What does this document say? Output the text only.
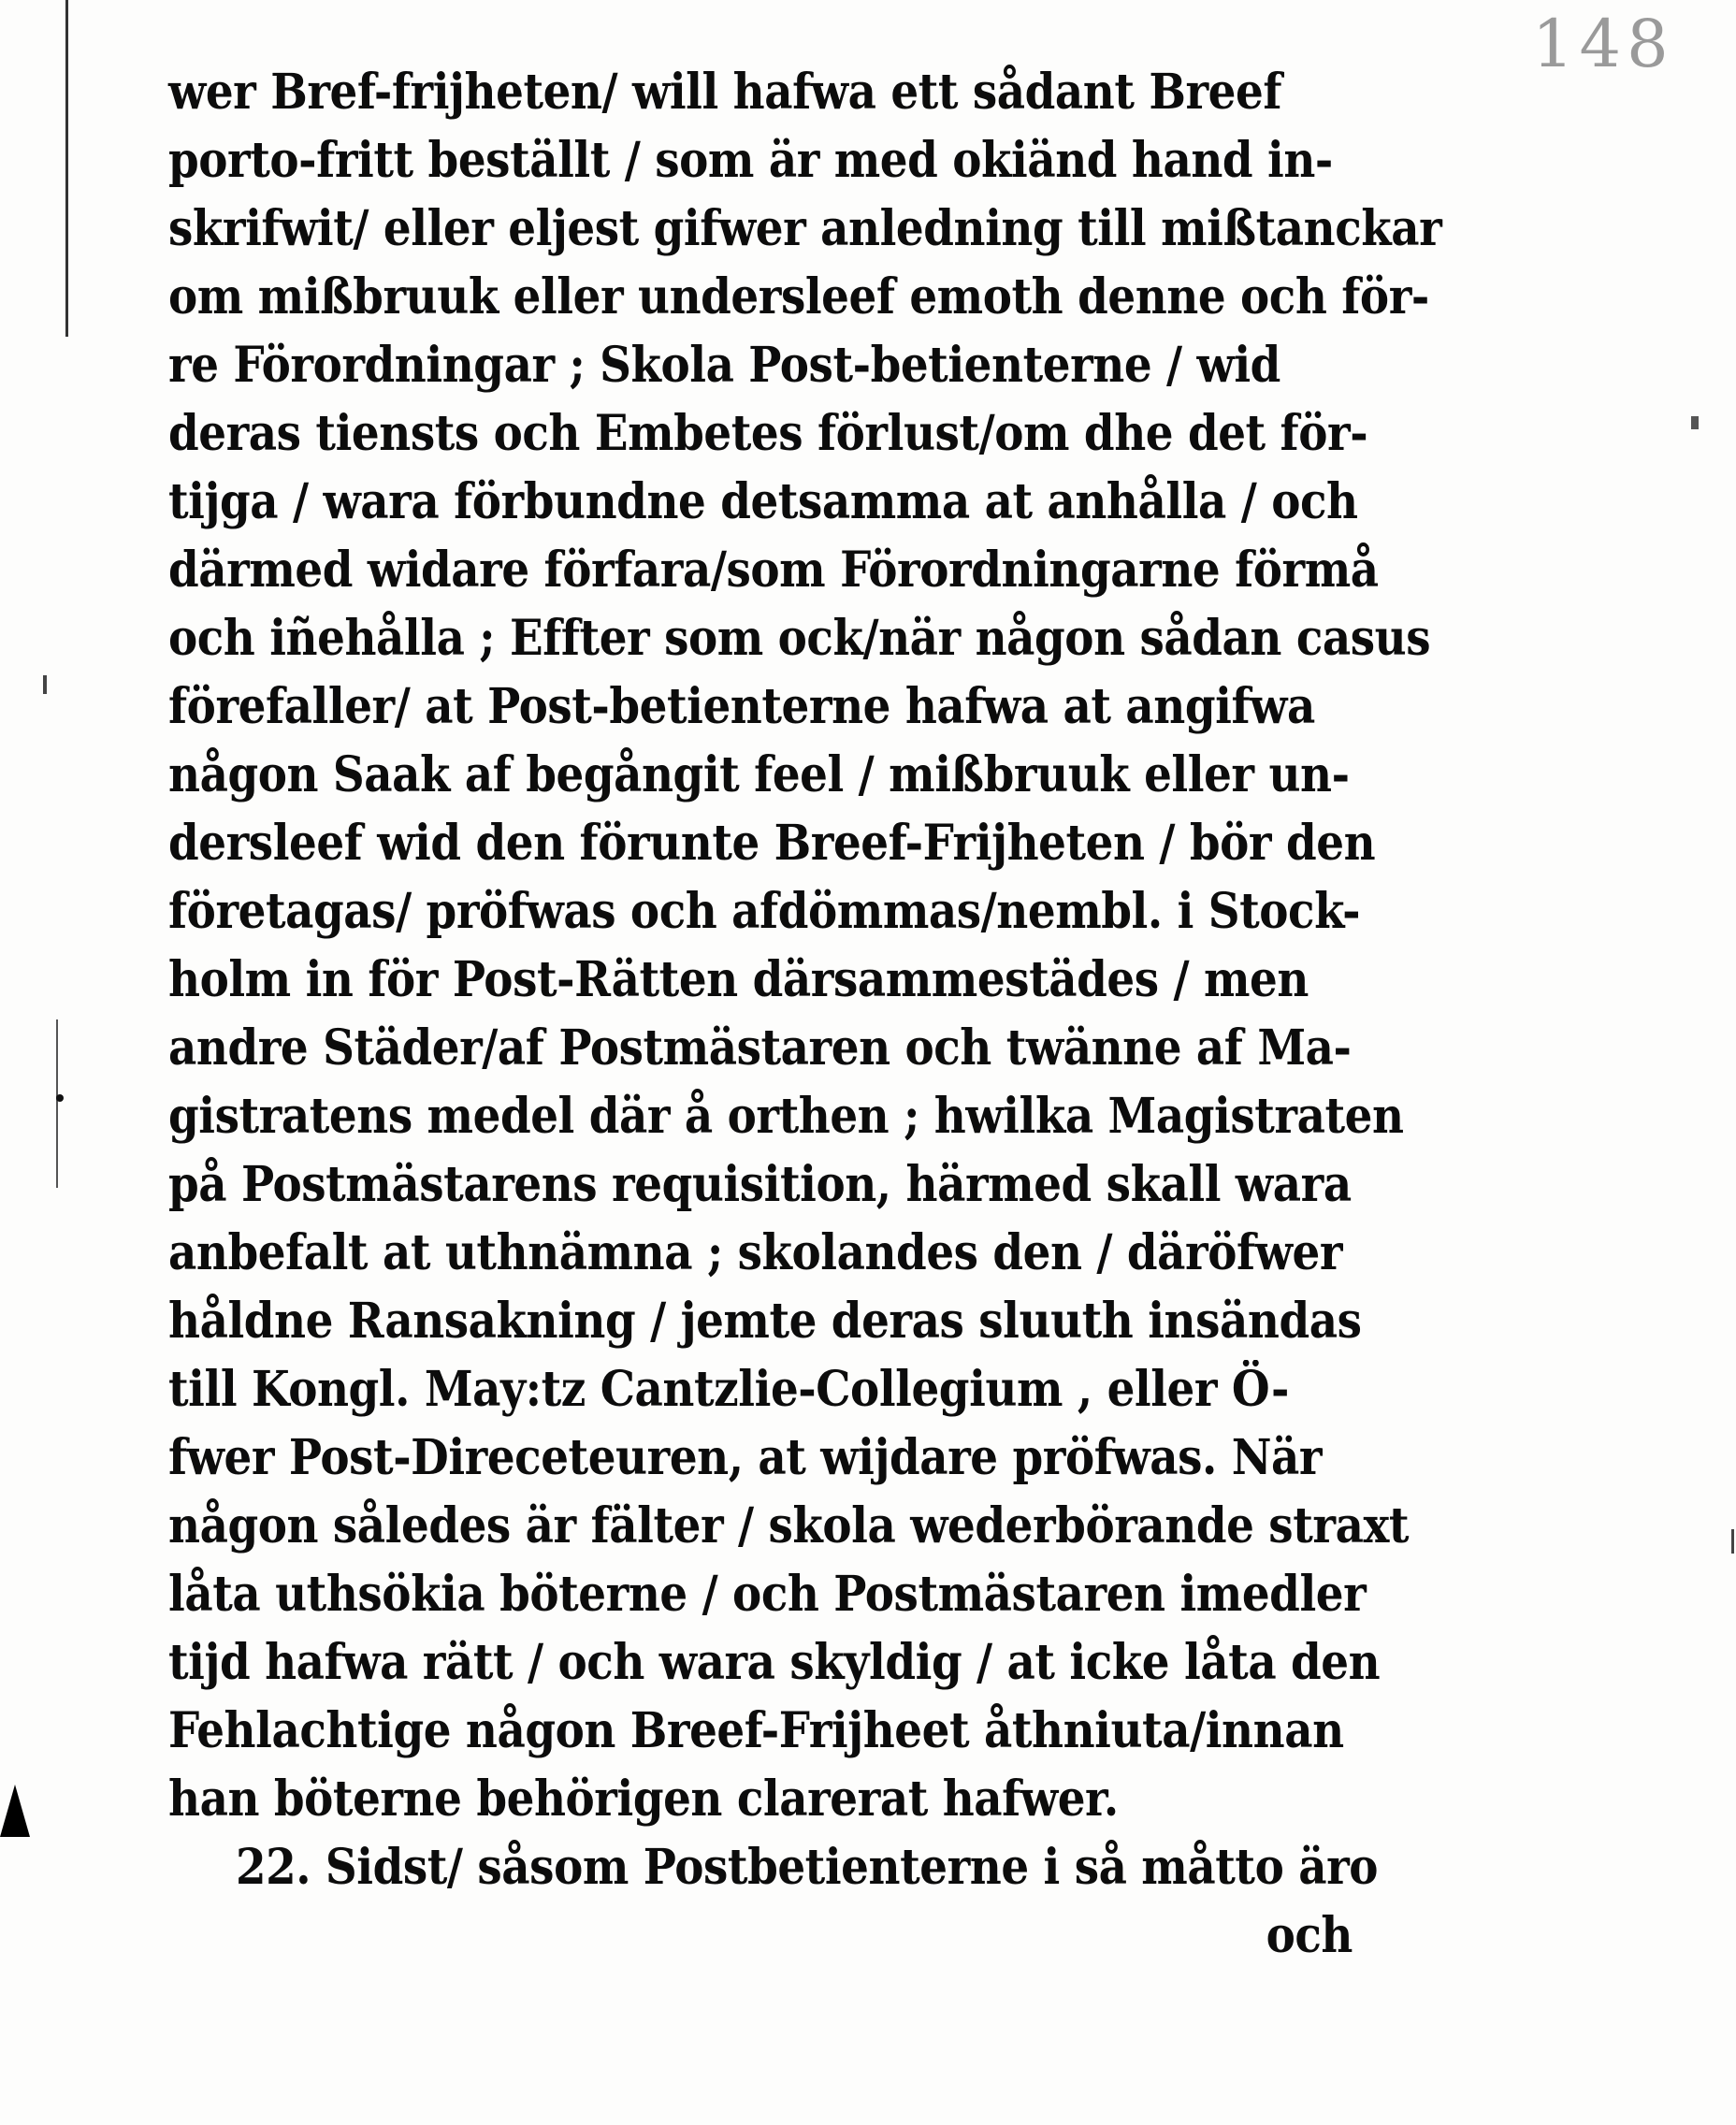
148
wer Bref-frijheten/ will hafwa ett sådant Breef
porto-fritt beställt / som är med okiänd hand in-
skrifwit/ eller eljest gifwer anledning till mißtanckar
om mißbruuk eller undersleef emoth denne och för-
re Förordningar ; Skola Post-betienterne / wid
deras tiensts och Embetes förlust/om dhe det för-
tijga / wara förbundne detsamma at anhålla / och
därmed widare förfara/som Förordningarne förmå
och iñehålla ; Effter som ock/när någon sådan casus
förefaller/ at Post-betienterne hafwa at angifwa
någon Saak af begångit feel / mißbruuk eller un-
dersleef wid den förunte Breef-Frijheten / bör den
företagas/ pröfwas och afdömmas/nembl. i Stock-
holm in för Post-Rätten därsammestädes / men
andre Städer/af Postmästaren och twänne af Ma-
gistratens medel där å orthen ; hwilka Magistraten
på Postmästarens requisition, härmed skall wara
anbefalt at uthnämna ; skolandes den / däröfwer
håldne Ransakning / jemte deras sluuth insändas
till Kongl. May:tz Cantzlie-Collegium , eller Ö-
fwer Post-Direceteuren, at wijdare pröfwas. När
någon således är fälter / skola wederbörande straxt
låta uthsökia böterne / och Postmästaren imedler
tijd hafwa rätt / och wara skyldig / at icke låta den
Fehlachtige någon Breef-Frijheet åthniuta/innan
han böterne behörigen clarerat hafwer.
22. Sidst/ såsom Postbetienterne i så måtto äro
och
